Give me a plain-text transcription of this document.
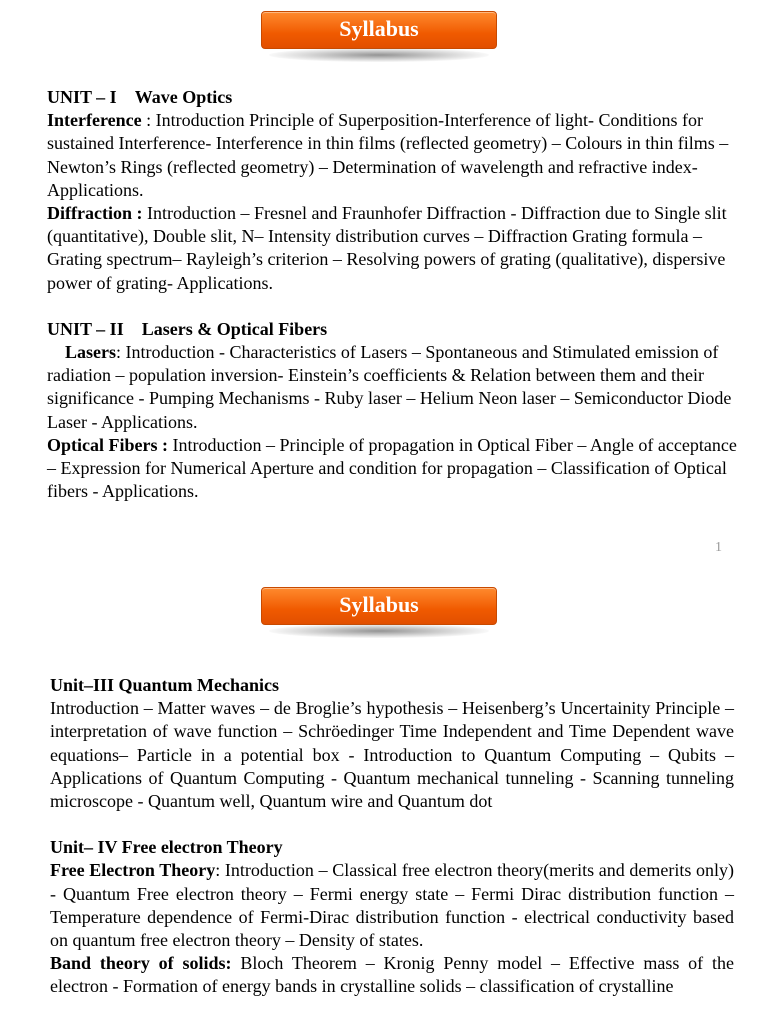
Syllabus

UNIT – I Wave Optics

Interference : Introduction Principle of Superposition-Interference of light- Conditions for sustained Interference- Interference in thin films (reflected geometry) – Colours in thin films – Newton’s Rings (reflected geometry) – Determination of wavelength and refractive index- Applications.

Diffraction : Introduction – Fresnel and Fraunhofer Diffraction - Diffraction due to Single slit (quantitative), Double slit, N– Intensity distribution curves – Diffraction Grating formula – Grating spectrum– Rayleigh’s criterion – Resolving powers of grating (qualitative), dispersive power of grating- Applications.

UNIT – II Lasers & Optical Fibers

Lasers: Introduction - Characteristics of Lasers – Spontaneous and Stimulated emission of radiation – population inversion- Einstein’s coefficients & Relation between them and their significance - Pumping Mechanisms - Ruby laser – Helium Neon laser – Semiconductor Diode Laser - Applications.

Optical Fibers : Introduction – Principle of propagation in Optical Fiber – Angle of acceptance – Expression for Numerical Aperture and condition for propagation – Classification of Optical fibers - Applications.

1
Syllabus

Unit–III Quantum Mechanics

Introduction – Matter waves – de Broglie’s hypothesis – Heisenberg’s Uncertainity Principle – interpretation of wave function – Schröedinger Time Independent and Time Dependent wave equations– Particle in a potential box - Introduction to Quantum Computing – Qubits – Applications of Quantum Computing - Quantum mechanical tunneling - Scanning tunneling microscope - Quantum well, Quantum wire and Quantum dot

Unit– IV Free electron Theory

Free Electron Theory: Introduction – Classical free electron theory(merits and demerits only) - Quantum Free electron theory – Fermi energy state – Fermi Dirac distribution function –Temperature dependence of Fermi-Dirac distribution function - electrical conductivity based on quantum free electron theory – Density of states.

Band theory of solids: Bloch Theorem – Kronig Penny model – Effective mass of the electron - Formation of energy bands in crystalline solids – classification of crystalline
